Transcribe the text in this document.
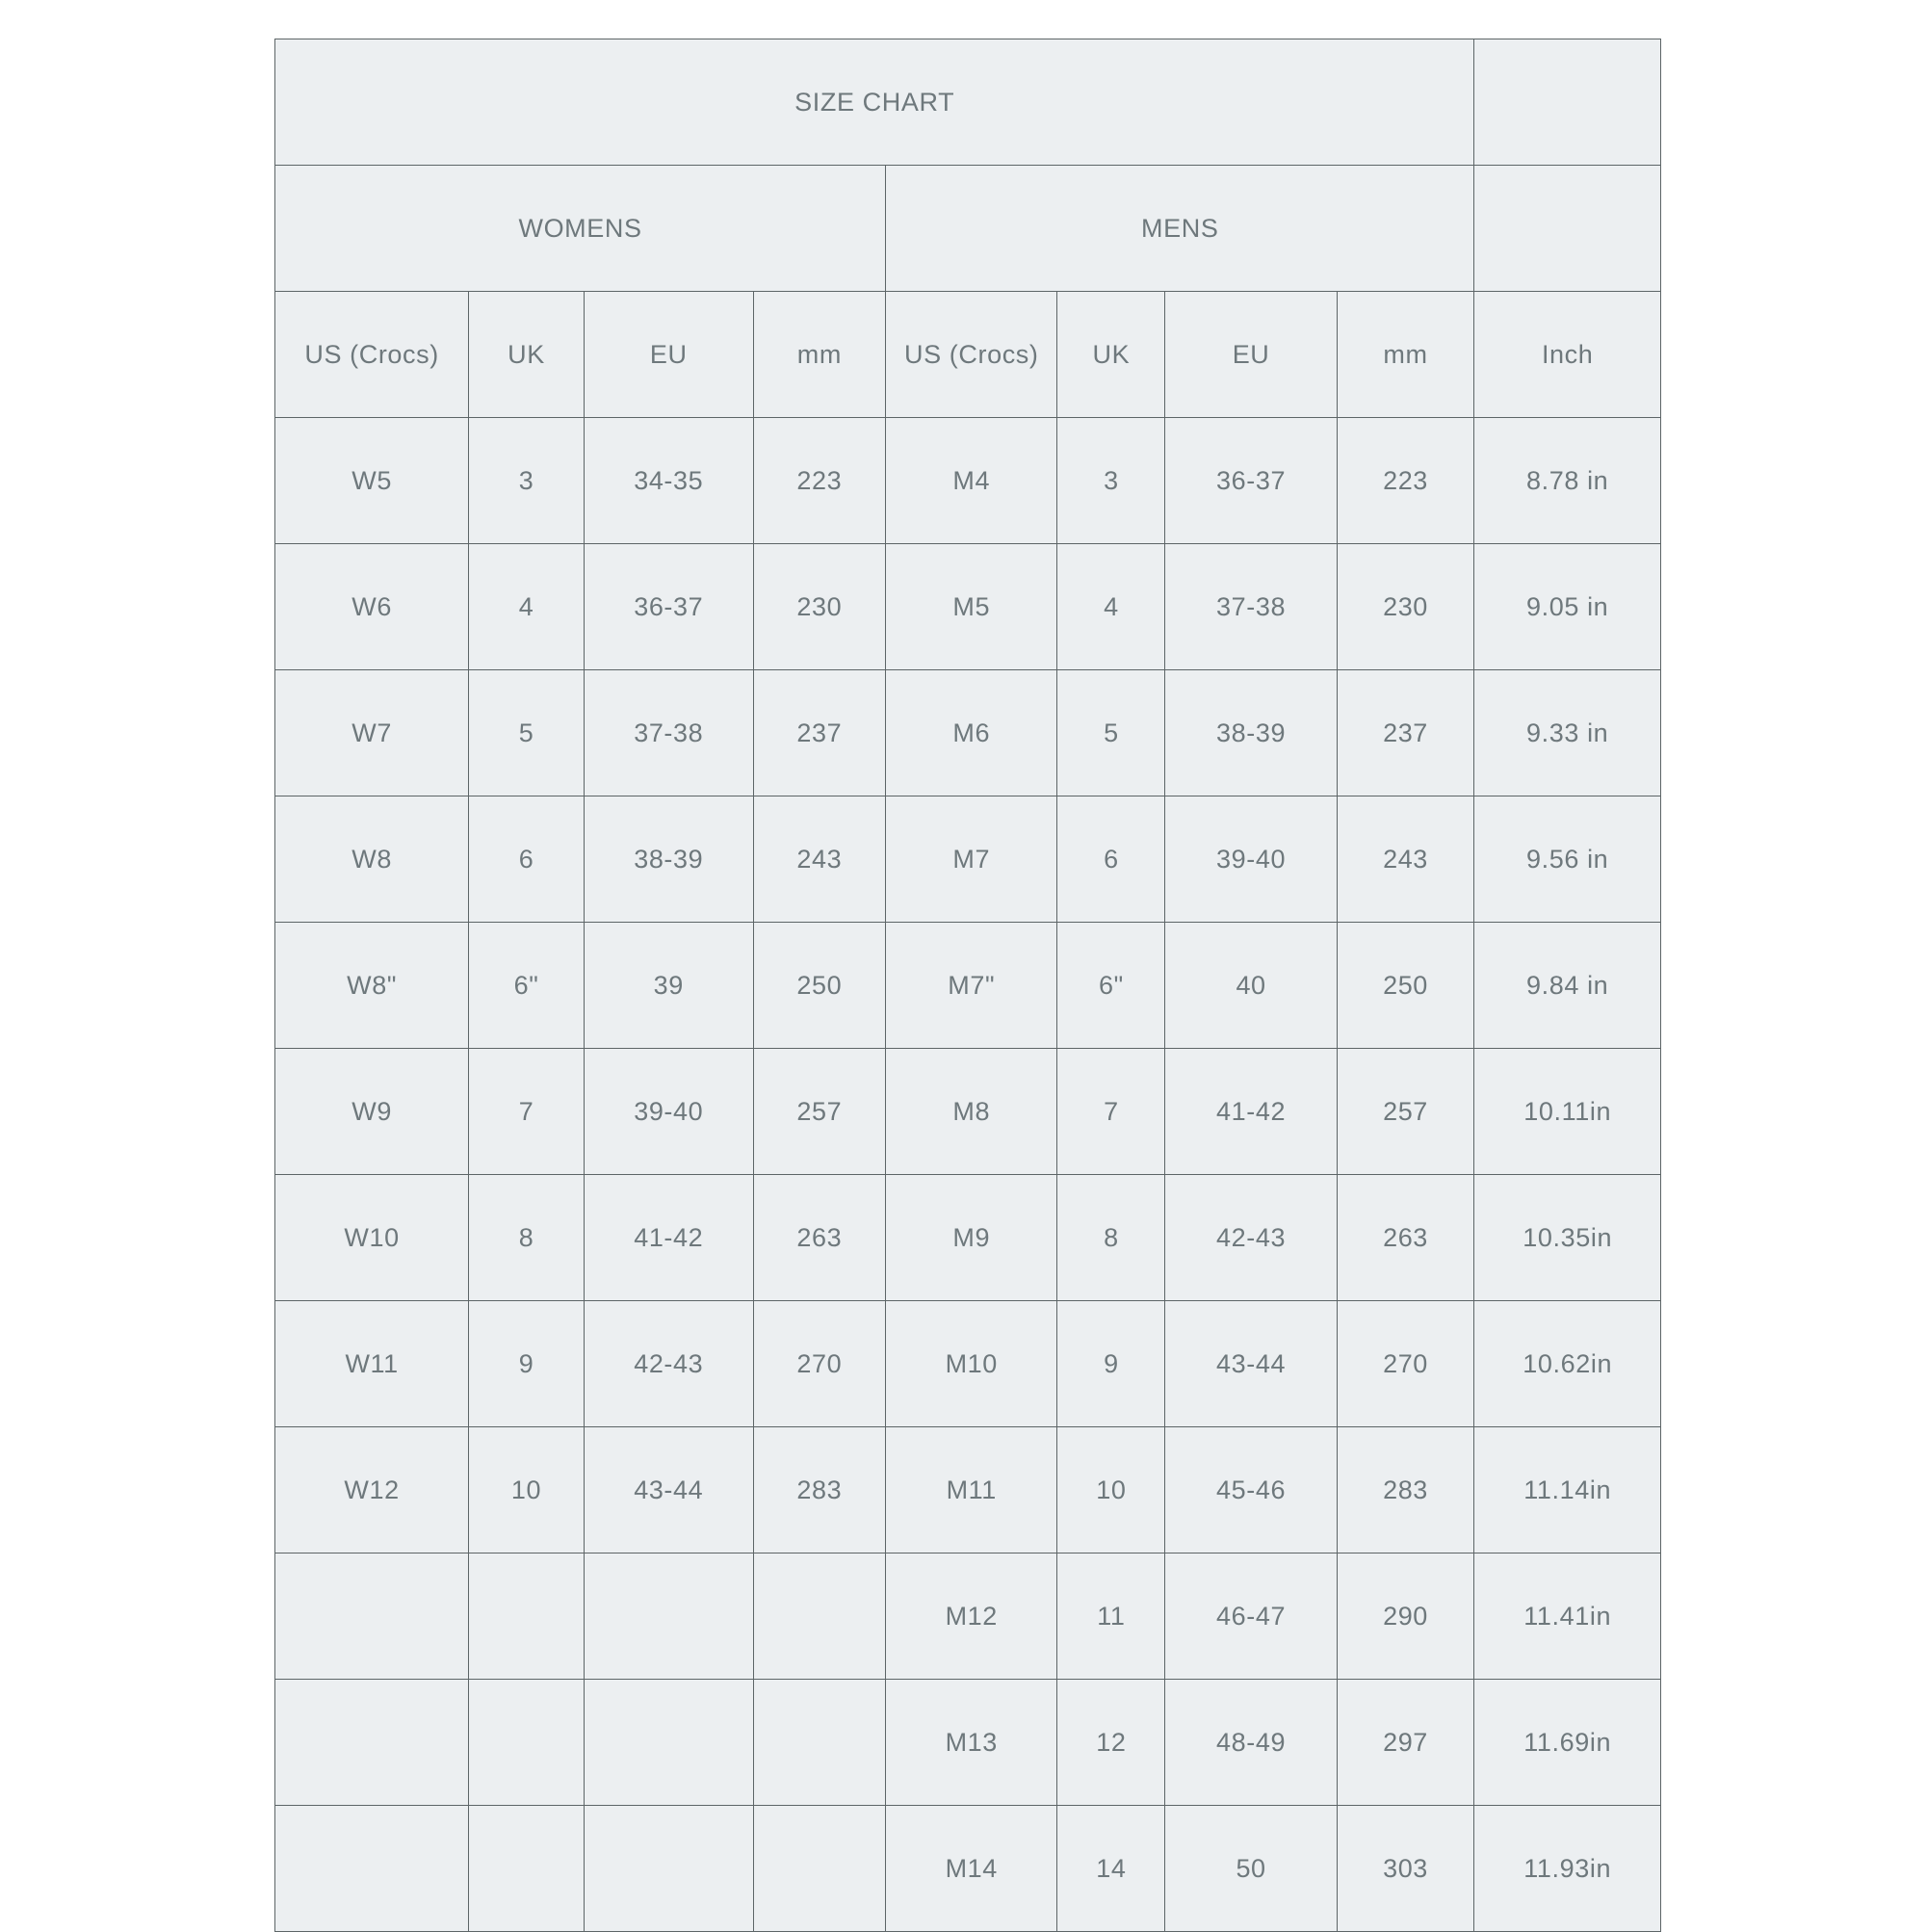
SIZE CHART								
WOMENS				MENS				
US (Crocs)	UK	EU	mm	US (Crocs)	UK	EU	mm	Inch
W5	3	34-35	223	M4	3	36-37	223	8.78 in
W6	4	36-37	230	M5	4	37-38	230	9.05 in
W7	5	37-38	237	M6	5	38-39	237	9.33 in
W8	6	38-39	243	M7	6	39-40	243	9.56 in
W8"	6"	39	250	M7"	6"	40	250	9.84 in
W9	7	39-40	257	M8	7	41-42	257	10.11in
W10	8	41-42	263	M9	8	42-43	263	10.35in
W11	9	42-43	270	M10	9	43-44	270	10.62in
W12	10	43-44	283	M11	10	45-46	283	11.14in
				M12	11	46-47	290	11.41in
				M13	12	48-49	297	11.69in
				M14	14	50	303	11.93in
